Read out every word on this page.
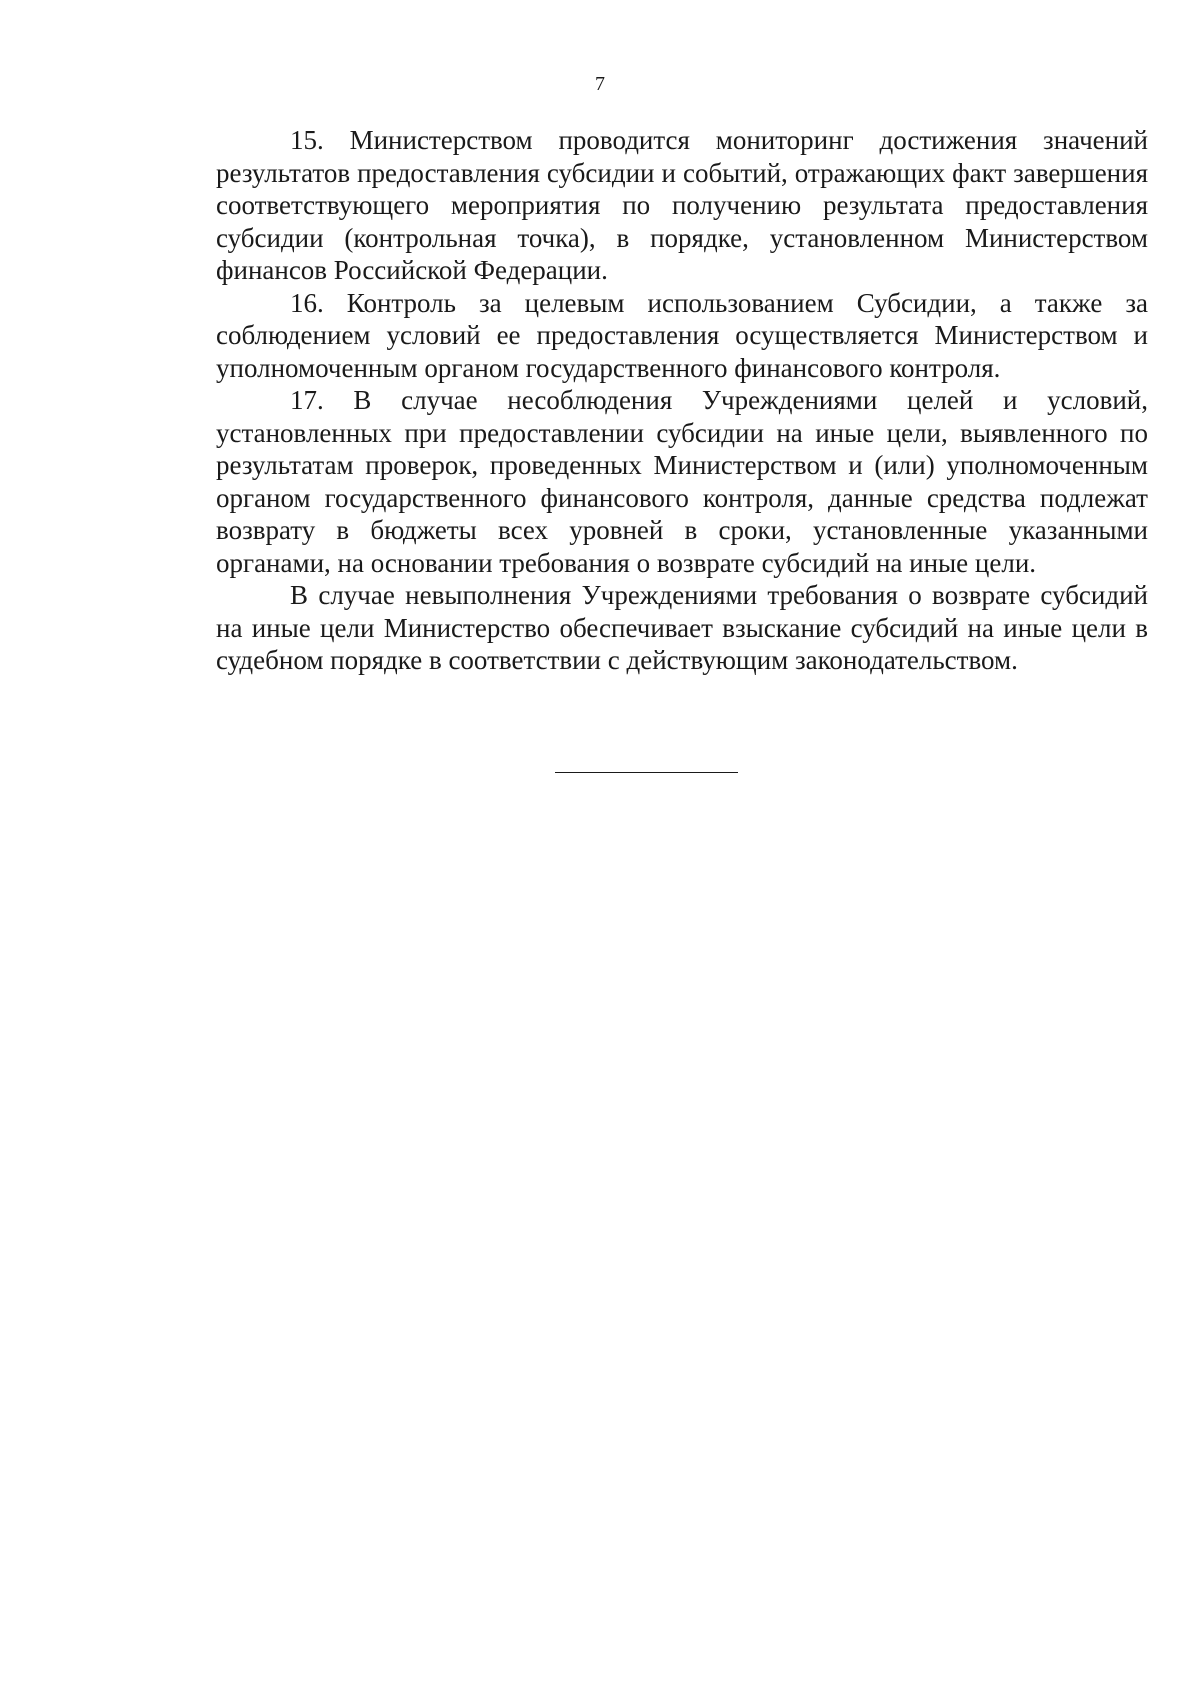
7

15. Министерством проводится мониторинг достижения значений результатов предоставления субсидии и событий, отражающих факт завершения соответствующего мероприятия по получению результата предоставления субсидии (контрольная точка), в порядке, установленном Министерством финансов Российской Федерации.

16. Контроль за целевым использованием Субсидии, а также за соблюдением условий ее предоставления осуществляется Министерством и уполномоченным органом государственного финансового контроля.

17. В случае несоблюдения Учреждениями целей и условий, установленных при предоставлении субсидии на иные цели, выявленного по результатам проверок, проведенных Министерством и (или) уполномоченным органом государственного финансового контроля, данные средства подлежат возврату в бюджеты всех уровней в сроки, установленные указанными органами, на основании требования о возврате субсидий на иные цели.

В случае невыполнения Учреждениями требования о возврате субсидий на иные цели Министерство обеспечивает взыскание субсидий на иные цели в судебном порядке в соответствии с действующим законодательством.
